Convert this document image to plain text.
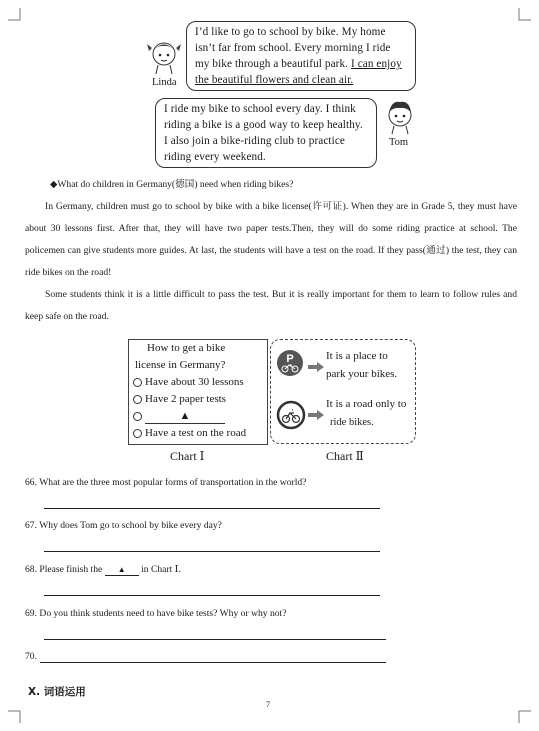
Linda

I’d like to go to school by bike. My home

isn’t far from school. Every morning I ride

my bike through a beautiful park. I can enjoy

the beautiful flowers and clean air.

I ride my bike to school every day. I think

riding a bike is a good way to keep healthy.

I also join a bike-riding club to practice

riding every weekend.

Tom
◆What do children in Germany(德国) need when riding bikes?

In Germany, children must go to school by bike with a bike license(许可证). When they are in Grade 5, they must have about 30 lessons first. After that, they will have two paper tests.Then, they will do some riding practice at school. The policemen can give students more guides. At last, the students will have a test on the road. If they pass(通过) the test, they can ride bikes on the road!

Some students think it is a little difficult to pass the test. But it is really important for them to learn to follow rules and keep safe on the road.

How to get a bike

license in Germany?

Have about 30 lessons

Have 2 paper tests

▲

Have a test on the road

Chart Ⅰ
P	It is a place to
park your bikes.
It is a road only to
ride bikes.
Chart Ⅱ
66. What are the three most popular forms of transportation in the world?
67. Why does Tom go to school by bike every day?
68. Please finish the ▲ in Chart Ⅰ.
69. Do you think students need to have bike tests? Why or why not?
70.
X. 词语运用
7
